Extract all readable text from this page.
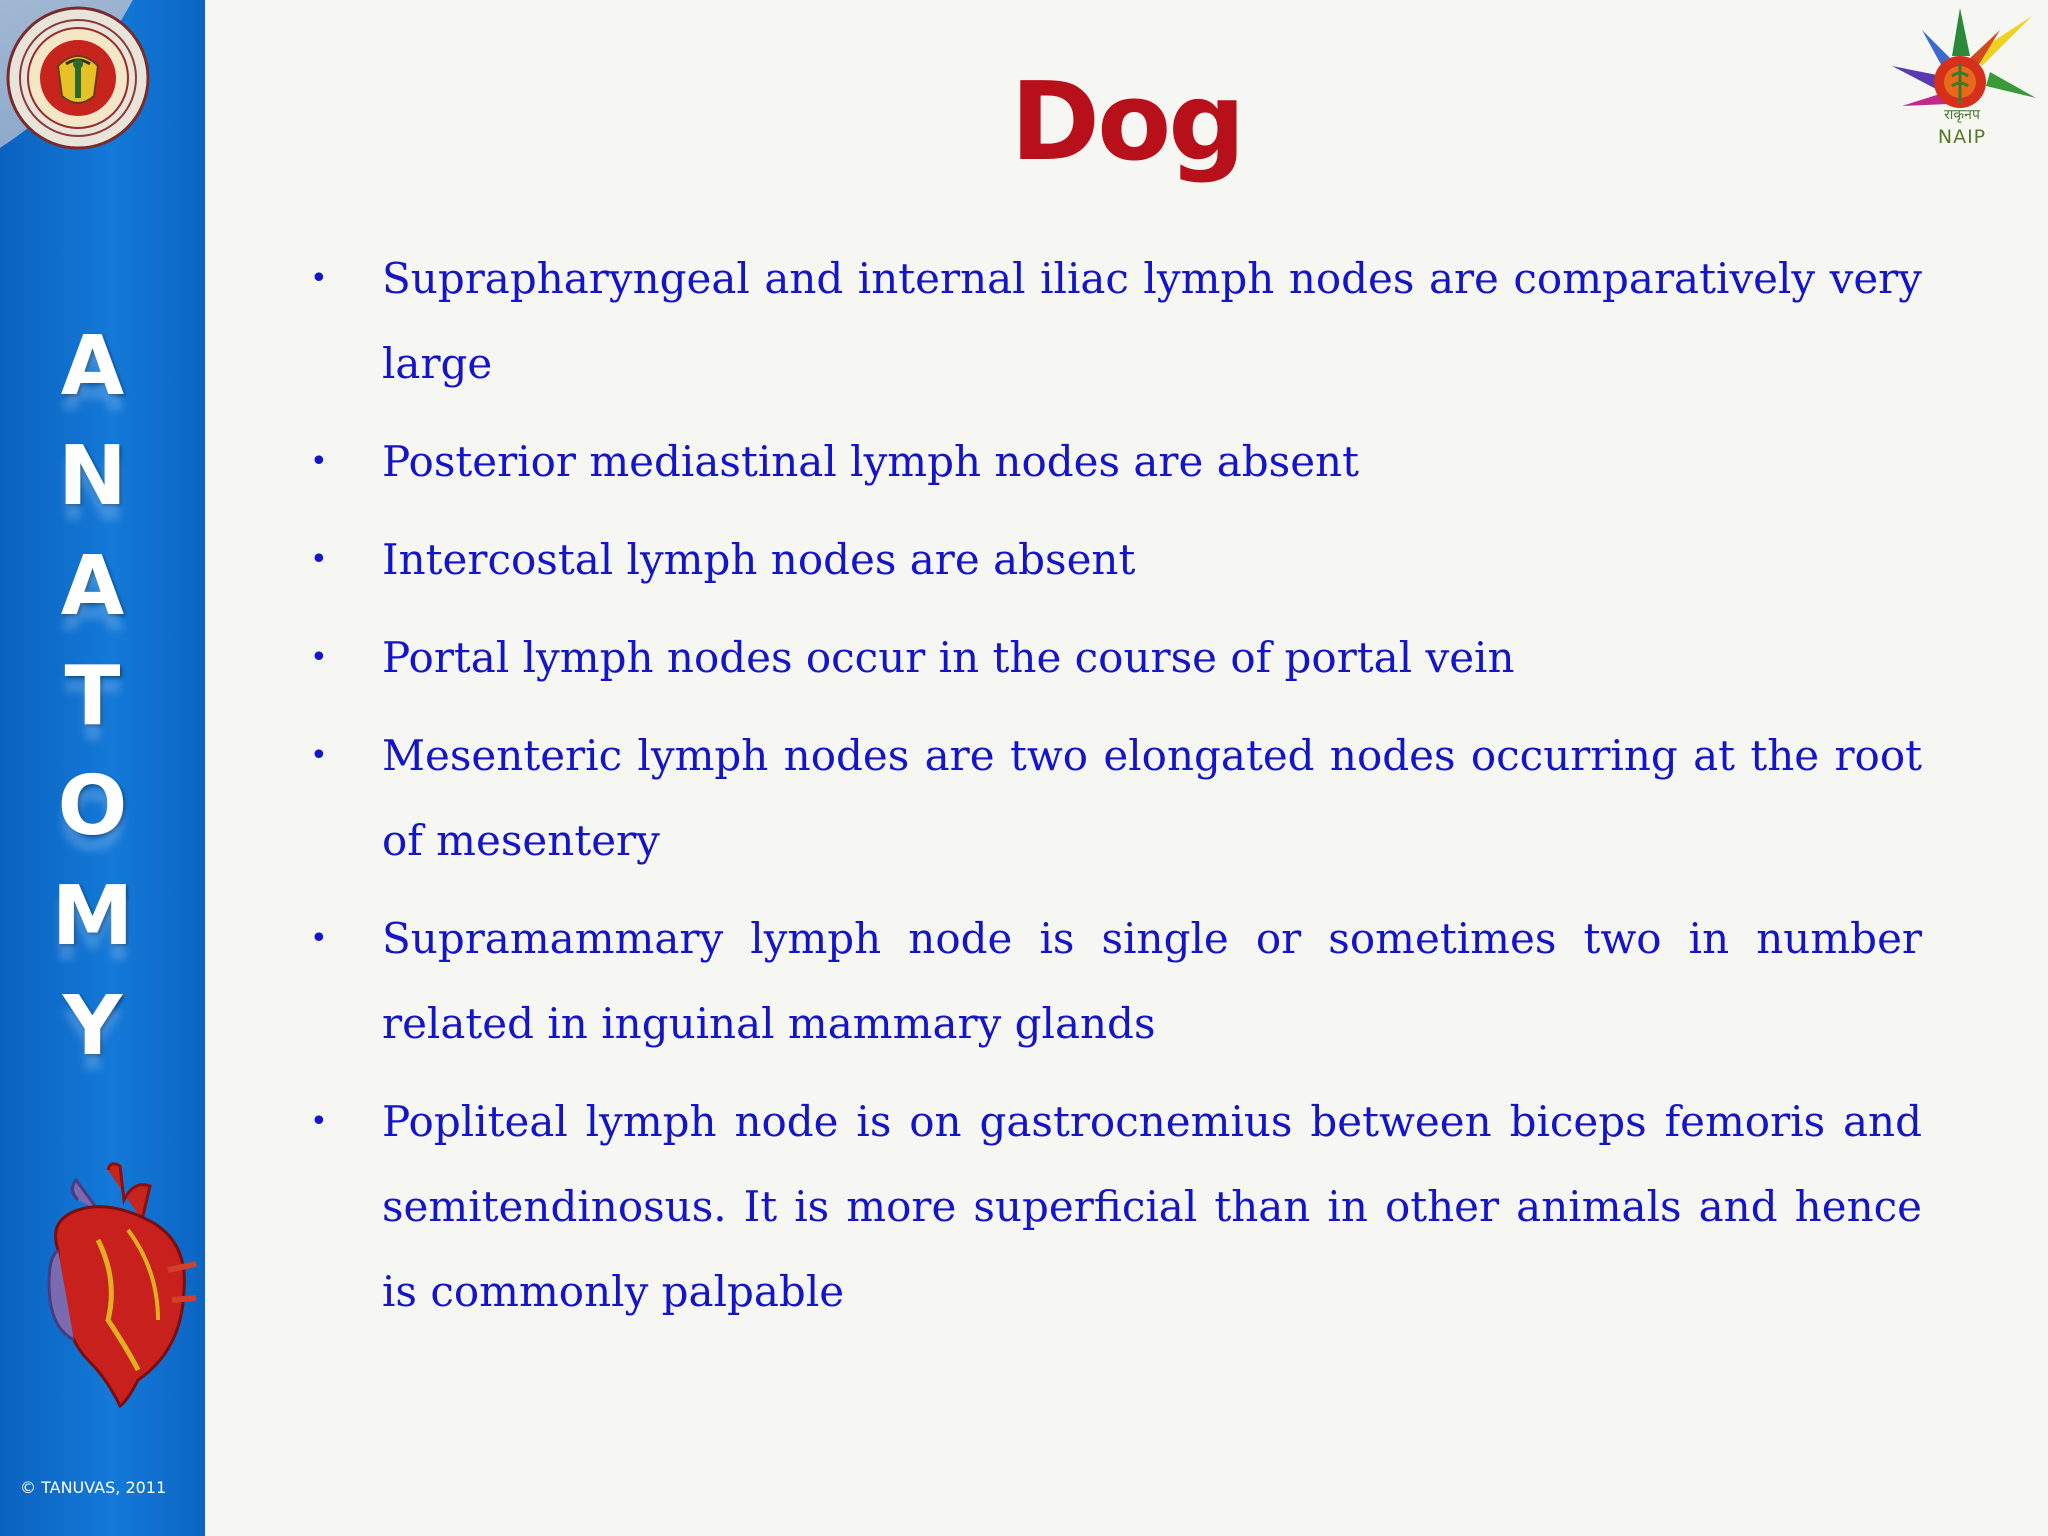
A
N
A
T
O
M
Y
© TANUVAS, 2011
राकृनप
NAIP
Dog
• Suprapharyngeal and internal iliac lymph nodes are comparatively very large
• Posterior mediastinal lymph nodes are absent
• Intercostal lymph nodes are absent
• Portal lymph nodes occur in the course of portal vein
• Mesenteric lymph nodes are two elongated nodes occurring at the root of mesentery
• Supramammary lymph node is single or sometimes two in number related in inguinal mammary glands
• Popliteal lymph node is on gastrocnemius between biceps femoris and semitendinosus. It is more superficial than in other animals and hence is commonly palpable
